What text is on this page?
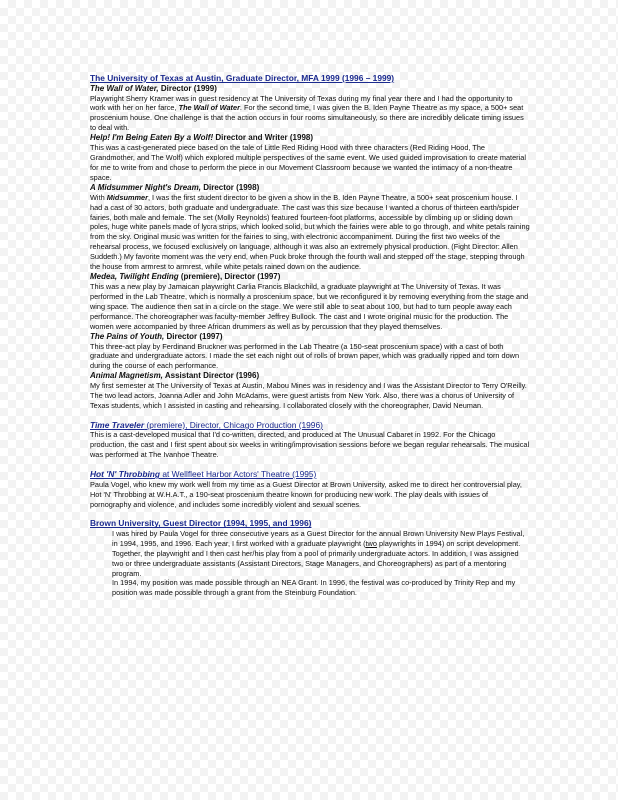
The University of Texas at Austin, Graduate Director, MFA 1999 (1996 – 1999)
The Wall of Water, Director (1999)

Playwright Sherry Kramer was in guest residency at The University of Texas during my final year there and I had the opportunity to work with her on her farce, The Wall of Water. For the second time, I was given the B. Iden Payne Theatre as my space, a 500+ seat proscenium house. One challenge is that the action occurs in four rooms simultaneously, so there are incredibly delicate timing issues to deal with.

Help! I'm Being Eaten By a Wolf! Director and Writer (1998)

This was a cast-generated piece based on the tale of Little Red Riding Hood with three characters (Red Riding Hood, The Grandmother, and The Wolf) which explored multiple perspectives of the same event. We used guided improvisation to create material for me to write from and chose to perform the piece in our Movement Classroom because we wanted the intimacy of a non-theatre space.

A Midsummer Night's Dream, Director (1998)

With Midsummer, I was the first student director to be given a show in the B. Iden Payne Theatre, a 500+ seat proscenium house. I had a cast of 30 actors, both graduate and undergraduate. The cast was this size because I wanted a chorus of thirteen earth/spider fairies, both male and female. The set (Molly Reynolds) featured fourteen-foot platforms, accessible by climbing up or sliding down poles, huge white panels made of lycra strips, which looked solid, but which the fairies were able to go through, and white petals raining from the sky. Original music was written for the fairies to sing, with electronic accompaniment. During the first two weeks of the rehearsal process, we focused exclusively on language, although it was also an extremely physical production. (Fight Director: Allen Suddeth.) My favorite moment was the very end, when Puck broke through the fourth wall and stepped off the stage, stepping through the house from armrest to armrest, while white petals rained down on the audience.

Medea, Twilight Ending (premiere), Director (1997)

This was a new play by Jamaican playwright Carlia Francis Blackchild, a graduate playwright at The University of Texas. It was performed in the Lab Theatre, which is normally a proscenium space, but we reconfigured it by removing everything from the stage and wing space. The audience then sat in a circle on the stage. We were still able to seat about 100, but had to turn people away each performance. The choreographer was faculty-member Jeffrey Bullock. The cast and I wrote original music for the production. The women were accompanied by three African drummers as well as by percussion that they played themselves.

The Pains of Youth, Director (1997)

This three-act play by Ferdinand Bruckner was performed in the Lab Theatre (a 150-seat proscenium space) with a cast of both graduate and undergraduate actors. I made the set each night out of rolls of brown paper, which was gradually ripped and torn down during the course of each performance.

Animal Magnetism, Assistant Director (1996)

My first semester at The University of Texas at Austin, Mabou Mines was in residency and I was the Assistant Director to Terry O'Reilly. The two lead actors, Joanna Adler and John McAdams, were guest artists from New York. Also, there was a chorus of University of Texas students, which I assisted in casting and rehearsing. I collaborated closely with the choreographer, David Neuman.

Time Traveler (premiere), Director, Chicago Production (1996)

This is a cast-developed musical that I'd co-written, directed, and produced at The Unusual Cabaret in 1992. For the Chicago production, the cast and I first spent about six weeks in writing/improvisation sessions before we began regular rehearsals. The musical was performed at The Ivanhoe Theatre.

Hot 'N' Throbbing at Wellfleet Harbor Actors' Theatre (1995)

Paula Vogel, who knew my work well from my time as a Guest Director at Brown University, asked me to direct her controversial play, Hot 'N' Throbbing at W.H.A.T., a 190-seat proscenium theatre known for producing new work. The play deals with issues of pornography and violence, and includes some incredibly violent and sexual scenes.

Brown University, Guest Director (1994, 1995, and 1996)

I was hired by Paula Vogel for three consecutive years as a Guest Director for the annual Brown University New Plays Festival, in 1994, 1995, and 1996. Each year, I first worked with a graduate playwright (two playwrights in 1994) on script development. Together, the playwright and I then cast her/his play from a pool of primarily undergraduate actors. In addition, I was assigned two or three undergraduate assistants (Assistant Directors, Stage Managers, and Choreographers) as part of a mentoring program.

In 1994, my position was made possible through an NEA Grant. In 1996, the festival was co-produced by Trinity Rep and my position was made possible through a grant from the Steinburg Foundation.
